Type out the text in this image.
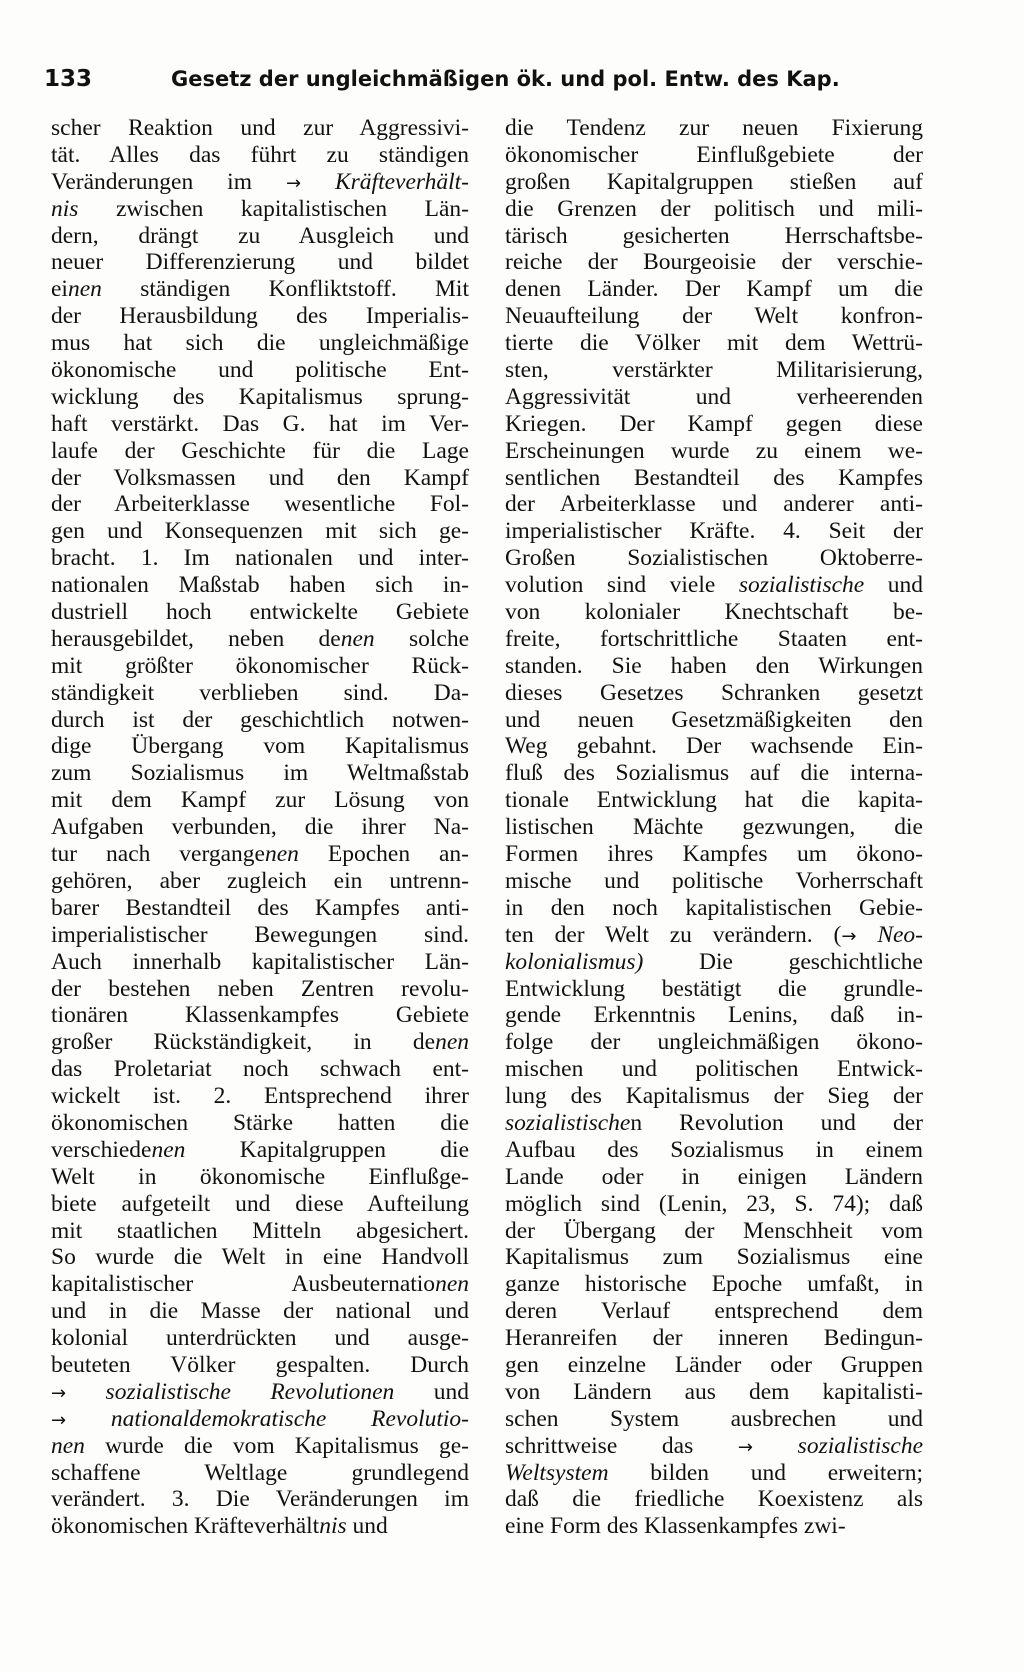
133	Gesetz der ungleichmäßigen ök. und pol. Entw. des Kap.
scher Reaktion und zur Aggressivi-
tät. Alles das führt zu ständigen
Veränderungen im → Kräfteverhält-
nis zwischen kapitalistischen Län-
dern, drängt zu Ausgleich und
neuer Differenzierung und bildet
einen ständigen Konfliktstoff. Mit
der Herausbildung des Imperialis-
mus hat sich die ungleichmäßige
ökonomische und politische Ent-
wicklung des Kapitalismus sprung-
haft verstärkt. Das G. hat im Ver-
laufe der Geschichte für die Lage
der Volksmassen und den Kampf
der Arbeiterklasse wesentliche Fol-
gen und Konsequenzen mit sich ge-
bracht. 1. Im nationalen und inter-
nationalen Maßstab haben sich in-
dustriell hoch entwickelte Gebiete
herausgebildet, neben denen solche
mit größter ökonomischer Rück-
ständigkeit verblieben sind. Da-
durch ist der geschichtlich notwen-
dige Übergang vom Kapitalismus
zum Sozialismus im Weltmaßstab
mit dem Kampf zur Lösung von
Aufgaben verbunden, die ihrer Na-
tur nach vergangenen Epochen an-
gehören, aber zugleich ein untrenn-
barer Bestandteil des Kampfes anti-
imperialistischer Bewegungen sind.
Auch innerhalb kapitalistischer Län-
der bestehen neben Zentren revolu-
tionären Klassenkampfes Gebiete
großer Rückständigkeit, in denen
das Proletariat noch schwach ent-
wickelt ist. 2. Entsprechend ihrer
ökonomischen Stärke hatten die
verschiedenen Kapitalgruppen die
Welt in ökonomische Einflußge-
biete aufgeteilt und diese Aufteilung
mit staatlichen Mitteln abgesichert.
So wurde die Welt in eine Handvoll
kapitalistischer Ausbeuternationen
und in die Masse der national und
kolonial unterdrückten und ausge-
beuteten Völker gespalten. Durch
→ sozialistische Revolutionen und
→ nationaldemokratische Revolutio-
nen wurde die vom Kapitalismus ge-
schaffene Weltlage grundlegend
verändert. 3. Die Veränderungen im
ökonomischen Kräfteverhältnis und
die Tendenz zur neuen Fixierung
ökonomischer Einflußgebiete der
großen Kapitalgruppen stießen auf
die Grenzen der politisch und mili-
tärisch gesicherten Herrschaftsbe-
reiche der Bourgeoisie der verschie-
denen Länder. Der Kampf um die
Neuaufteilung der Welt konfron-
tierte die Völker mit dem Wettrü-
sten, verstärkter Militarisierung,
Aggressivität und verheerenden
Kriegen. Der Kampf gegen diese
Erscheinungen wurde zu einem we-
sentlichen Bestandteil des Kampfes
der Arbeiterklasse und anderer anti-
imperialistischer Kräfte. 4. Seit der
Großen Sozialistischen Oktoberre-
volution sind viele sozialistische und
von kolonialer Knechtschaft be-
freite, fortschrittliche Staaten ent-
standen. Sie haben den Wirkungen
dieses Gesetzes Schranken gesetzt
und neuen Gesetzmäßigkeiten den
Weg gebahnt. Der wachsende Ein-
fluß des Sozialismus auf die interna-
tionale Entwicklung hat die kapita-
listischen Mächte gezwungen, die
Formen ihres Kampfes um ökono-
mische und politische Vorherrschaft
in den noch kapitalistischen Gebie-
ten der Welt zu verändern. (→ Neo-
kolonialismus) Die geschichtliche
Entwicklung bestätigt die grundle-
gende Erkenntnis Lenins, daß in-
folge der ungleichmäßigen ökono-
mischen und politischen Entwick-
lung des Kapitalismus der Sieg der
sozialistischen Revolution und der
Aufbau des Sozialismus in einem
Lande oder in einigen Ländern
möglich sind (Lenin, 23, S. 74); daß
der Übergang der Menschheit vom
Kapitalismus zum Sozialismus eine
ganze historische Epoche umfaßt, in
deren Verlauf entsprechend dem
Heranreifen der inneren Bedingun-
gen einzelne Länder oder Gruppen
von Ländern aus dem kapitalisti-
schen System ausbrechen und
schrittweise das → sozialistische
Weltsystem bilden und erweitern;
daß die friedliche Koexistenz als
eine Form des Klassenkampfes zwi-
